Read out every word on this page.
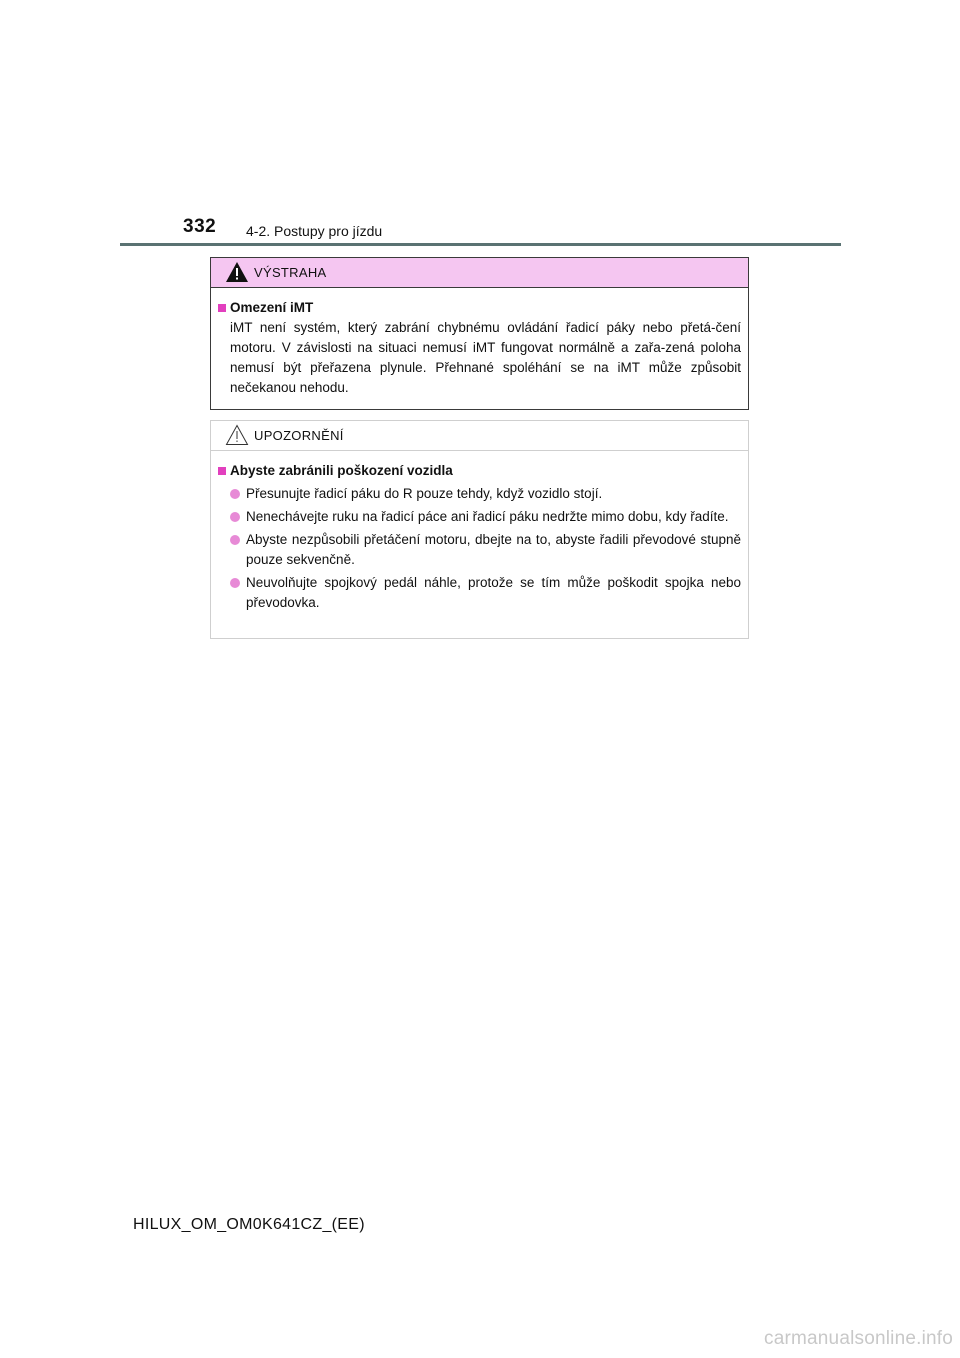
332 4-2. Postupy pro jízdu
VÝSTRAHA
Omezení iMT
iMT není systém, který zabrání chybnému ovládání řadicí páky nebo přetá-čení motoru. V závislosti na situaci nemusí iMT fungovat normálně a zařa-zená poloha nemusí být přeřazena plynule. Přehnané spoléhání se na iMT může způsobit nečekanou nehodu.
UPOZORNĚNÍ
Abyste zabránili poškození vozidla
Přesunujte řadicí páku do R pouze tehdy, když vozidlo stojí.
Nenechávejte ruku na řadicí páce ani řadicí páku nedržte mimo dobu, kdy řadíte.
Abyste nezpůsobili přetáčení motoru, dbejte na to, abyste řadili převodové stupně pouze sekvenčně.
Neuvolňujte spojkový pedál náhle, protože se tím může poškodit spojka nebo převodovka.
HILUX_OM_OM0K641CZ_(EE)
carmanualsonline.info
